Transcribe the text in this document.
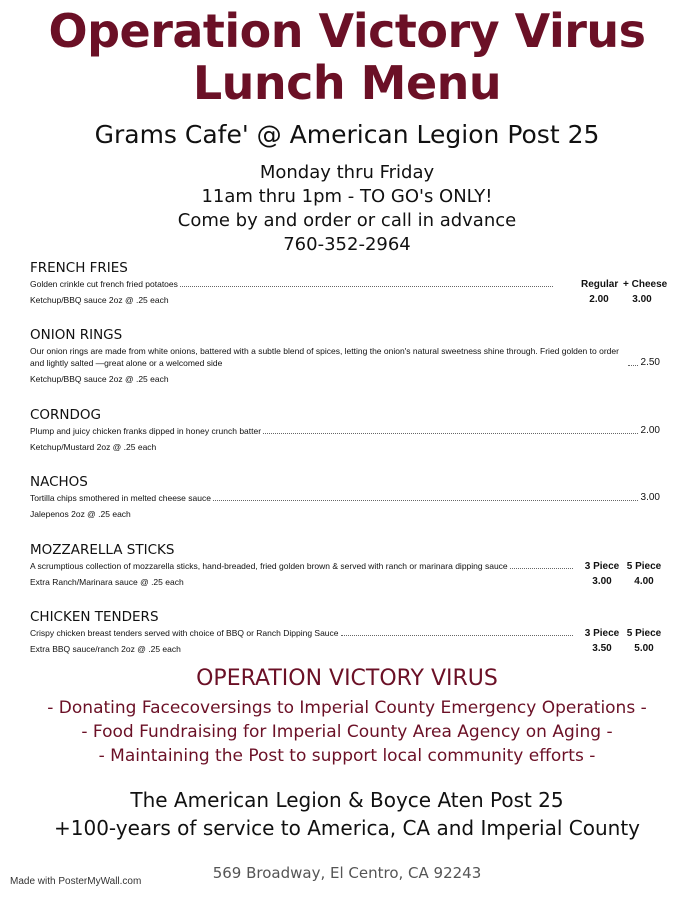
Operation Victory Virus
Lunch Menu
Grams Cafe' @ American Legion Post 25
Monday thru Friday
11am thru 1pm - TO GO's ONLY!
Come by and order or call in advance
760-352-2964
FRENCH FRIES
Golden crinkle cut french fried potatoes
Ketchup/BBQ sauce 2oz @ .25 each
Regular + Cheese
2.00	3.00
ONION RINGS
Our onion rings are made from white onions, battered with a subtle blend of spices, letting the onion's natural sweetness shine through. Fried golden to order and lightly salted —great alone or a welcomed side	2.50
Ketchup/BBQ sauce 2oz @ .25 each
CORNDOG
Plump and juicy chicken franks dipped in honey crunch batter	2.00
Ketchup/Mustard 2oz @ .25 each
NACHOS
Tortilla chips smothered in melted cheese sauce	3.00
Jalepenos 2oz @ .25 each
MOZZARELLA STICKS
A scrumptious collection of mozzarella sticks, hand-breaded, fried golden brown & served with ranch or marinara dipping sauce
Extra Ranch/Marinara sauce @ .25 each
3 Piece 5 Piece
3.00	4.00
CHICKEN TENDERS
Crispy chicken breast tenders served with choice of BBQ or Ranch Dipping Sauce
Extra BBQ sauce/ranch 2oz @ .25 each
3 Piece 5 Piece
3.50	5.00
OPERATION VICTORY VIRUS
- Donating Facecoversings to Imperial County Emergency Operations -
- Food Fundraising for Imperial County Area Agency on Aging -
- Maintaining the Post to support local community efforts -
The American Legion & Boyce Aten Post 25
+100-years of service to America, CA and Imperial County
569 Broadway, El Centro, CA 92243
Made with PosterMyWall.com
